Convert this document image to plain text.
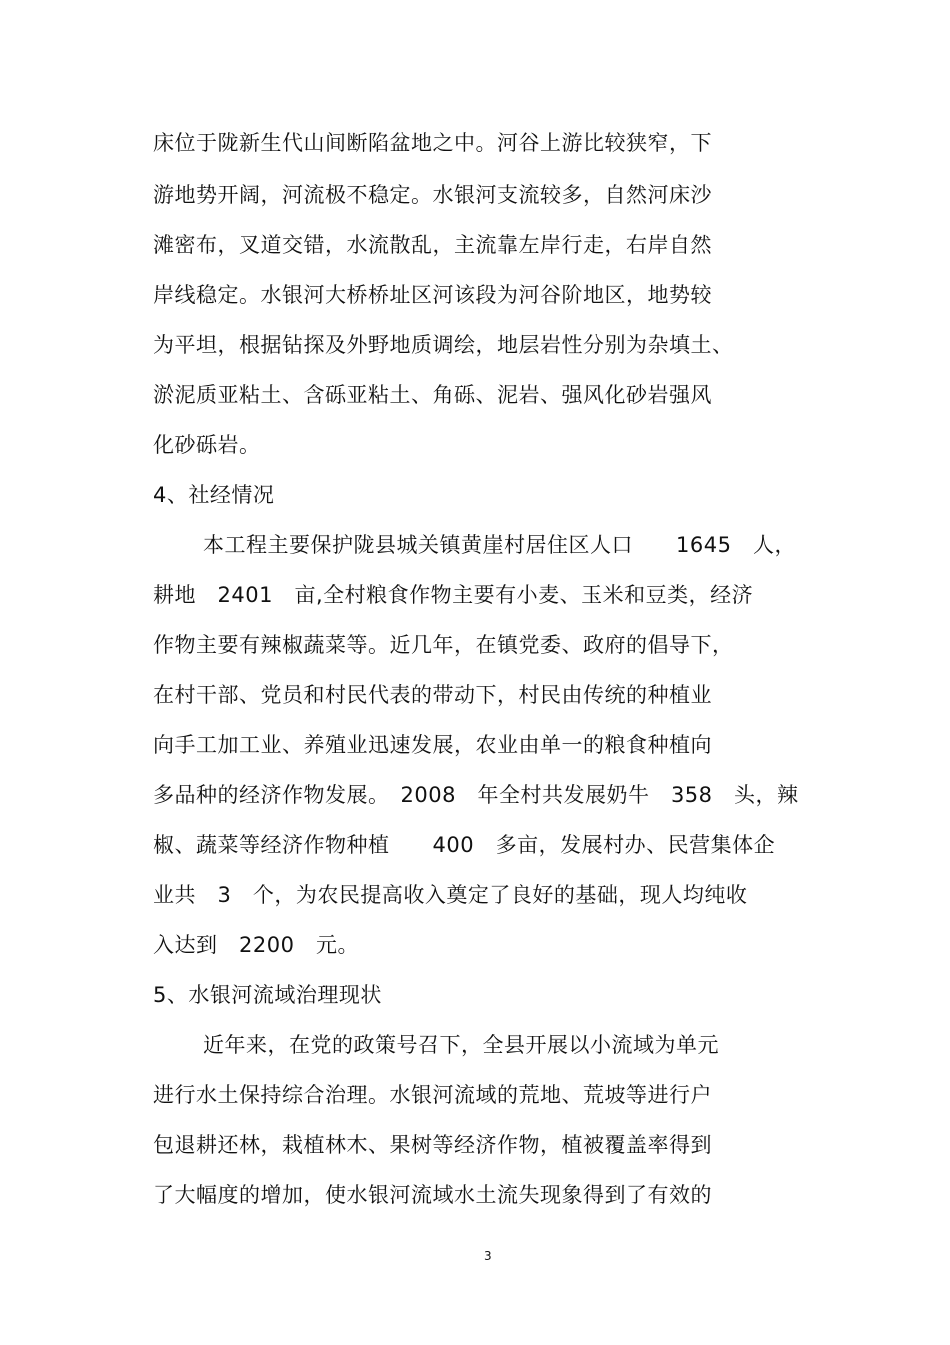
床位于陇新生代山间断陷盆地之中。河谷上游比较狭窄，下
游地势开阔，河流极不稳定。水银河支流较多，自然河床沙
滩密布，叉道交错，水流散乱，主流靠左岸行走，右岸自然
岸线稳定。水银河大桥桥址区河该段为河谷阶地区，地势较
为平坦，根据钻探及外野地质调绘，地层岩性分别为杂填土、
淤泥质亚粘土、含砾亚粘土、角砾、泥岩、强风化砂岩强风
化砂砾岩。
4、社经情况
本工程主要保护陇县城关镇黄崖村居住区人口　　1645　人，
耕地　2401　亩,全村粮食作物主要有小麦、玉米和豆类，经济
作物主要有辣椒蔬菜等。近几年，在镇党委、政府的倡导下，
在村干部、党员和村民代表的带动下，村民由传统的种植业
向手工加工业、养殖业迅速发展，农业由单一的粮食种植向
多品种的经济作物发展。　2008　年全村共发展奶牛　358　头，辣
椒、蔬菜等经济作物种植　　400　多亩，发展村办、民营集体企
业共　3　个，为农民提高收入奠定了良好的基础，现人均纯收
入达到　2200　元。
5、水银河流域治理现状
近年来，在党的政策号召下，全县开展以小流域为单元
进行水土保持综合治理。水银河流域的荒地、荒坡等进行户
包退耕还林，栽植林木、果树等经济作物，植被覆盖率得到
了大幅度的增加，使水银河流域水土流失现象得到了有效的
3
